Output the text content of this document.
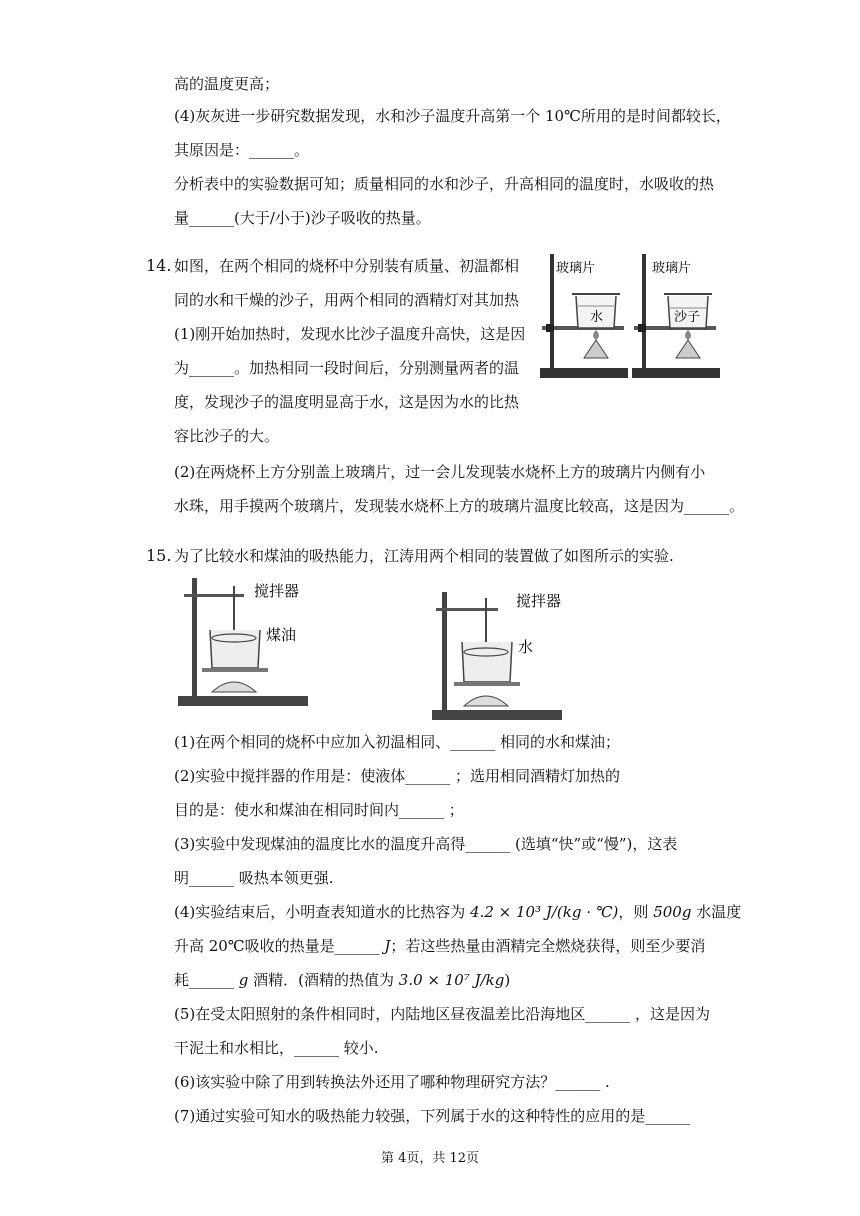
高的温度更高；
(4)灰灰进一步研究数据发现，水和沙子温度升高第一个 10℃所用的是时间都较长，
其原因是：______。
分析表中的实验数据可知；质量相同的水和沙子，升高相同的温度时，水吸收的热
量______(大于/小于)沙子吸收的热量。
14. 如图，在两个相同的烧杯中分别装有质量、初温都相
同的水和干燥的沙子，用两个相同的酒精灯对其加热
(1)刚开始加热时，发现水比沙子温度升高快，这是因
为______。加热相同一段时间后，分别测量两者的温
度，发现沙子的温度明显高于水，这是因为水的比热
容比沙子的大。
(2)在两烧杯上方分别盖上玻璃片，过一会儿发现装水烧杯上方的玻璃片内侧有小
水珠，用手摸两个玻璃片，发现装水烧杯上方的玻璃片温度比较高，这是因为______。
玻璃片
水
玻璃片
沙子
15. 为了比较水和煤油的吸热能力，江涛用两个相同的装置做了如图所示的实验.
搅拌器
煤油
搅拌器
水
(1)在两个相同的烧杯中应加入初温相同、______ 相同的水和煤油；
(2)实验中搅拌器的作用是：使液体______ ；选用相同酒精灯加热的
目的是：使水和煤油在相同时间内______ ；
(3)实验中发现煤油的温度比水的温度升高得______ (选填“快”或“慢”)，这表
明______ 吸热本领更强.
(4)实验结束后，小明查表知道水的比热容为 4.2 × 10³ J/(kg · ℃)，则 500g 水温度
升高 20℃吸收的热量是______ J；若这些热量由酒精完全燃烧获得，则至少要消
耗______ g 酒精．(酒精的热值为 3.0 × 10⁷ J/kg)
(5)在受太阳照射的条件相同时，内陆地区昼夜温差比沿海地区______ ，这是因为
干泥土和水相比，______ 较小.
(6)该实验中除了用到转换法外还用了哪种物理研究方法？______ .
(7)通过实验可知水的吸热能力较强，下列属于水的这种特性的应用的是______
第 4页，共 12页
